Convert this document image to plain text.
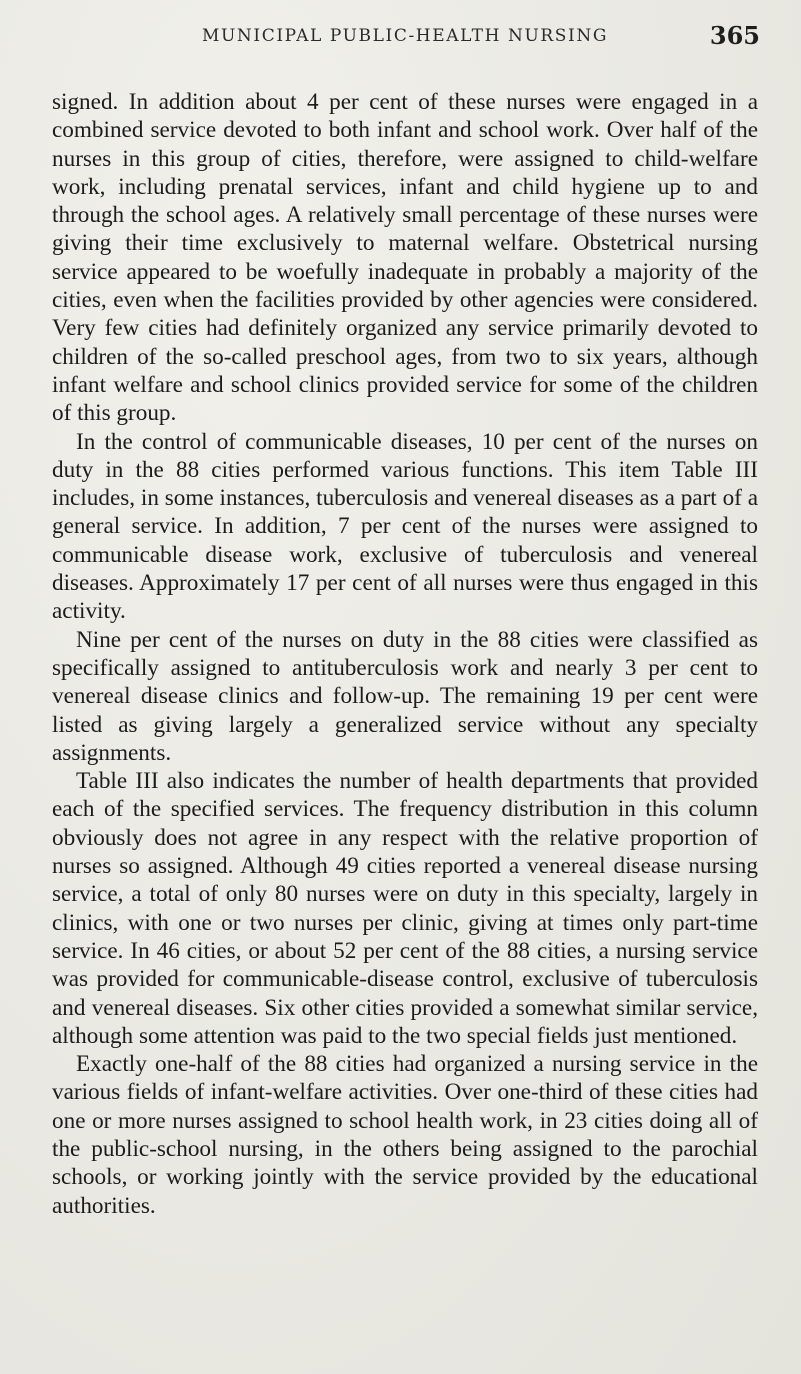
MUNICIPAL PUBLIC-HEALTH NURSING	365

signed. In addition about 4 per cent of these nurses were engaged in a combined service devoted to both infant and school work. Over half of the nurses in this group of cities, therefore, were assigned to child-welfare work, including prenatal services, infant and child hygiene up to and through the school ages. A relatively small percentage of these nurses were giving their time exclusively to maternal welfare. Obstetrical nursing service appeared to be woefully inadequate in probably a majority of the cities, even when the facilities provided by other agencies were considered. Very few cities had definitely organized any service primarily devoted to children of the so-called preschool ages, from two to six years, although infant welfare and school clinics provided service for some of the children of this group.

In the control of communicable diseases, 10 per cent of the nurses on duty in the 88 cities performed various functions. This item Table III includes, in some instances, tuberculosis and venereal diseases as a part of a general service. In addition, 7 per cent of the nurses were assigned to communicable disease work, exclusive of tuberculosis and venereal diseases. Approximately 17 per cent of all nurses were thus engaged in this activity.

Nine per cent of the nurses on duty in the 88 cities were classified as specifically assigned to antituberculosis work and nearly 3 per cent to venereal disease clinics and follow-up. The remaining 19 per cent were listed as giving largely a generalized service without any specialty assignments.

Table III also indicates the number of health departments that provided each of the specified services. The frequency distribution in this column obviously does not agree in any respect with the relative proportion of nurses so assigned. Although 49 cities reported a venereal disease nursing service, a total of only 80 nurses were on duty in this specialty, largely in clinics, with one or two nurses per clinic, giving at times only part-time service. In 46 cities, or about 52 per cent of the 88 cities, a nursing service was provided for communicable-disease control, exclusive of tuberculosis and venereal diseases. Six other cities provided a somewhat similar service, although some attention was paid to the two special fields just mentioned.

Exactly one-half of the 88 cities had organized a nursing service in the various fields of infant-welfare activities. Over one-third of these cities had one or more nurses assigned to school health work, in 23 cities doing all of the public-school nursing, in the others being assigned to the parochial schools, or working jointly with the service provided by the educational authorities.
